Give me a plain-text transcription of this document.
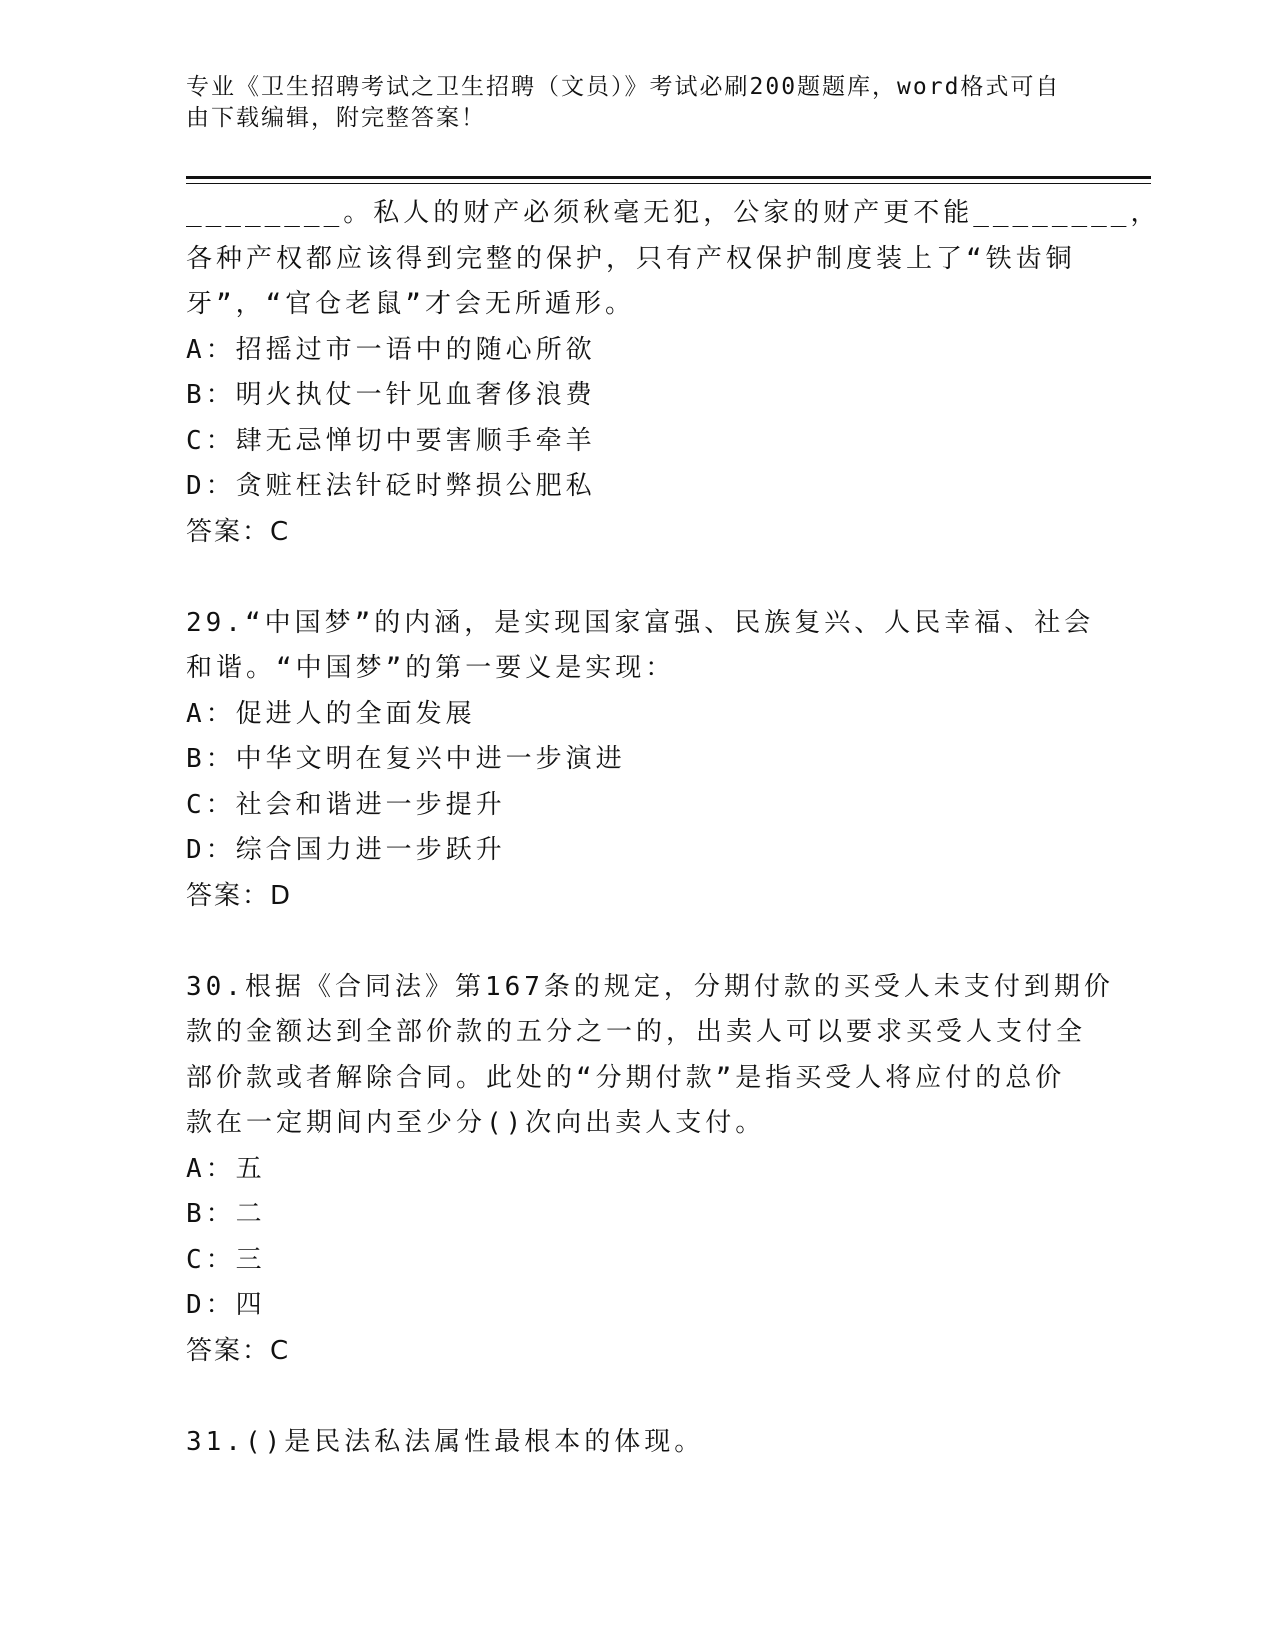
专业《卫生招聘考试之卫生招聘（文员）》考试必刷200题题库，word格式可自
由下载编辑，附完整答案！
________。私人的财产必须秋毫无犯，公家的财产更不能________，
各种产权都应该得到完整的保护，只有产权保护制度装上了“铁齿铜
牙”，“官仓老鼠”才会无所遁形。
A：招摇过市一语中的随心所欲
B：明火执仗一针见血奢侈浪费
C：肆无忌惮切中要害顺手牵羊
D：贪赃枉法针砭时弊损公肥私
答案：C
29.“中国梦”的内涵，是实现国家富强、民族复兴、人民幸福、社会
和谐。“中国梦”的第一要义是实现：
A：促进人的全面发展
B：中华文明在复兴中进一步演进
C：社会和谐进一步提升
D：综合国力进一步跃升
答案：D
30.根据《合同法》第167条的规定，分期付款的买受人未支付到期价
款的金额达到全部价款的五分之一的，出卖人可以要求买受人支付全
部价款或者解除合同。此处的“分期付款”是指买受人将应付的总价
款在一定期间内至少分()次向出卖人支付。
A：五
B：二
C：三
D：四
答案：C
31.()是民法私法属性最根本的体现。
